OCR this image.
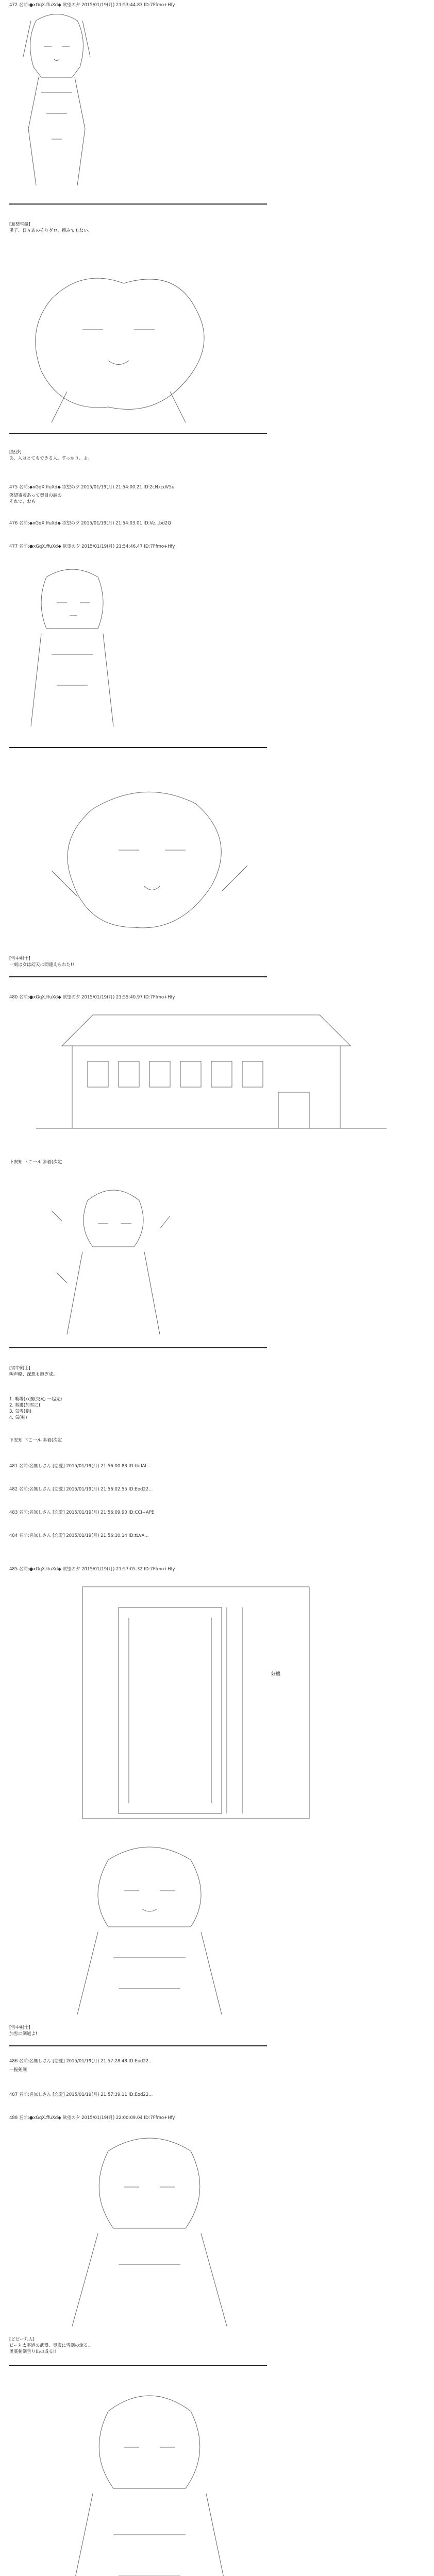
472 名前:●xGqX.ffuXd◆ 欲望の夕 2015/01/19(月) 21:53:44.83 ID:7Ffmo+Hfy
[無梨雪鏡]
黒子、日々あのそりダロ、頼みてもない、
[紀沙]
あ、人はとてもできる人。すっかり、よ。
475 名前:◆xGqX.ffuXd◆ 欲望の夕 2015/01/19(月) 21:54:00.21 ID:2cNxcdV5u
笑望寄着あって奥目の調の
それで、おも
476 名前:◆xGqX.ffuXd◆ 欲望の夕 2015/01/19(月) 21:54:03.01 ID:Ve...bd2Q
477 名前:●xGqX.ffuXd◆ 欲望の夕 2015/01/19(月) 21:54:46.47 ID:7Ffmo+Hfy
[雪中剣士]
一刻は女は幻天に間違えられた!!
480 名前:●xGqX.ffuXd◆ 欲望の夕 2015/01/19(月) 21:55:40.97 ID:7Ffmo+Hfy
下安知 下こ一ル 多着(次定
[雪中剣士]
叫声略、深想も輝ぎ成。
1. 戦場(双腕(交)○ 一起見)
2. 奏護(加雪に)
3. 気雪(剣)
4. 気(剣)
下安知 下こ一ル 多着(次定
481 名前:名無しさん [恋愛] 2015/01/19(月) 21:56:00.83 ID:tbdAl...
482 名前:名無しさん [恋愛] 2015/01/19(月) 21:56:02.55 ID:Eod22...
483 名前:名無しさん [恋愛] 2015/01/19(月) 21:56:09.90 ID:CCI+APE
484 名前:名無しさん [恋愛] 2015/01/19(月) 21:56:10.14 ID:tLvA...
485 名前:●xGqX.ffuXd◆ 欲望の夕 2015/01/19(月) 21:57:05.32 ID:7Ffmo+Hfy
好機
[雪中剣士]
加雪に剣道よ!
486 名前:名無しさん [恋愛] 2015/01/19(月) 21:57:28.48 ID:Eod22...
一振剣剣
487 名前:名無しさん [恋愛] 2015/01/19(月) 21:57:39.11 ID:Eod22...
488 名前:●xGqX.ffuXd◆ 欲望の夕 2015/01/19(月) 22:00:09.04 ID:7Ffmo+Hfy
[ビビー丸人]
ビー丸太平道の武器、奥底に雪剣の流る。
奥底剣剣雪り出の成る!!
